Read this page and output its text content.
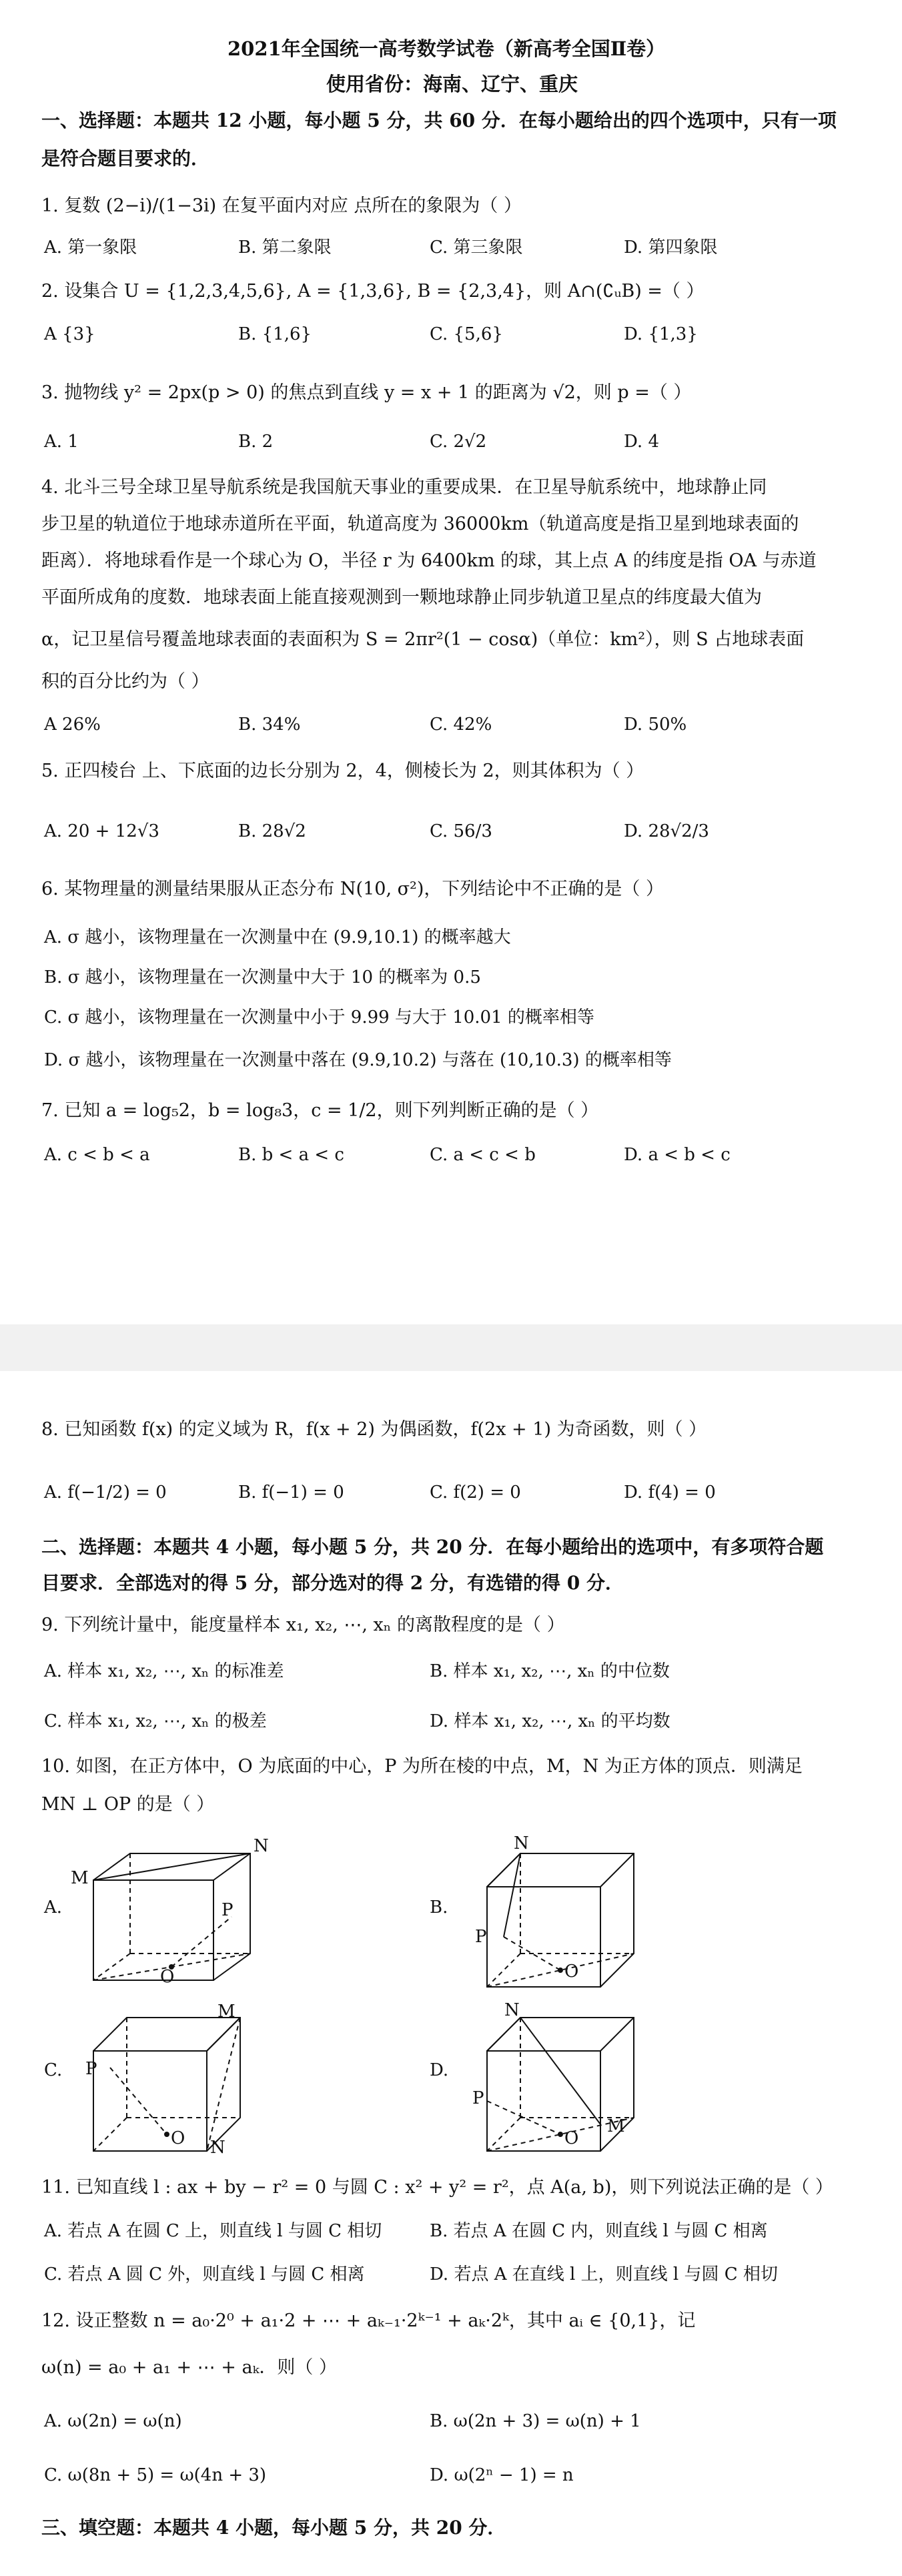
2021年全国统一高考数学试卷（新高考全国Ⅱ卷）
使用省份：海南、辽宁、重庆
一、选择题：本题共 12 小题，每小题 5 分，共 60 分．在每小题给出的四个选项中，只有一项
是符合题目要求的．
1. 复数 (2−i)/(1−3i) 在复平面内对应 点所在的象限为（ ）
A. 第一象限	B. 第二象限	C. 第三象限	D. 第四象限
2. 设集合 U = {1,2,3,4,5,6}, A = {1,3,6}, B = {2,3,4}，则 A∩(∁ᵤB) =（ ）
A {3}	B. {1,6}	C. {5,6}	D. {1,3}
3. 抛物线 y² = 2px(p > 0) 的焦点到直线 y = x + 1 的距离为 √2，则 p =（ ）
A. 1	B. 2	C. 2√2	D. 4
4. 北斗三号全球卫星导航系统是我国航天事业的重要成果．在卫星导航系统中，地球静止同
步卫星的轨道位于地球赤道所在平面，轨道高度为 36000km（轨道高度是指卫星到地球表面的
距离）．将地球看作是一个球心为 O，半径 r 为 6400km 的球，其上点 A 的纬度是指 OA 与赤道
平面所成角的度数．地球表面上能直接观测到一颗地球静止同步轨道卫星点的纬度最大值为
α，记卫星信号覆盖地球表面的表面积为 S = 2πr²(1 − cosα)（单位：km²），则 S 占地球表面
积的百分比约为（ ）
A 26%	B. 34%	C. 42%	D. 50%
5. 正四棱台 上、下底面的边长分别为 2，4，侧棱长为 2，则其体积为（ ）
A. 20 + 12√3	B. 28√2	C. 56/3	D. 28√2/3
6. 某物理量的测量结果服从正态分布 N(10, σ²)，下列结论中不正确的是（ ）
A. σ 越小，该物理量在一次测量中在 (9.9,10.1) 的概率越大
B. σ 越小，该物理量在一次测量中大于 10 的概率为 0.5
C. σ 越小，该物理量在一次测量中小于 9.99 与大于 10.01 的概率相等
D. σ 越小，该物理量在一次测量中落在 (9.9,10.2) 与落在 (10,10.3) 的概率相等
7. 已知 a = log₅2，b = log₈3，c = 1/2，则下列判断正确的是（ ）
A. c < b < a	B. b < a < c	C. a < c < b	D. a < b < c
8. 已知函数 f(x) 的定义域为 R，f(x + 2) 为偶函数，f(2x + 1) 为奇函数，则（ ）
A. f(−1/2) = 0	B. f(−1) = 0	C. f(2) = 0	D. f(4) = 0
二、选择题：本题共 4 小题，每小题 5 分，共 20 分．在每小题给出的选项中，有多项符合题
目要求．全部选对的得 5 分，部分选对的得 2 分，有选错的得 0 分．
9. 下列统计量中，能度量样本 x₁, x₂, ⋯, xₙ 的离散程度的是（ ）
A. 样本 x₁, x₂, ⋯, xₙ 的标准差	B. 样本 x₁, x₂, ⋯, xₙ 的中位数
C. 样本 x₁, x₂, ⋯, xₙ 的极差	D. 样本 x₁, x₂, ⋯, xₙ 的平均数
10. 如图，在正方体中，O 为底面的中心，P 为所在棱的中点，M，N 为正方体的顶点．则满足
MN ⊥ OP 的是（ ）
A.
M
N
P
O
B.
N
P
O
C.
M
P
N
O
D.
N
P
M
O
11. 已知直线 l : ax + by − r² = 0 与圆 C : x² + y² = r²，点 A(a, b)，则下列说法正确的是（ ）
A. 若点 A 在圆 C 上，则直线 l 与圆 C 相切	B. 若点 A 在圆 C 内，则直线 l 与圆 C 相离
C. 若点 A 圆 C 外，则直线 l 与圆 C 相离	D. 若点 A 在直线 l 上，则直线 l 与圆 C 相切
12. 设正整数 n = a₀·2⁰ + a₁·2 + ⋯ + aₖ₋₁·2ᵏ⁻¹ + aₖ·2ᵏ，其中 aᵢ ∈ {0,1}，记
ω(n) = a₀ + a₁ + ⋯ + aₖ．则（ ）
A. ω(2n) = ω(n)	B. ω(2n + 3) = ω(n) + 1
C. ω(8n + 5) = ω(4n + 3)	D. ω(2ⁿ − 1) = n
三、填空题：本题共 4 小题，每小题 5 分，共 20 分．
